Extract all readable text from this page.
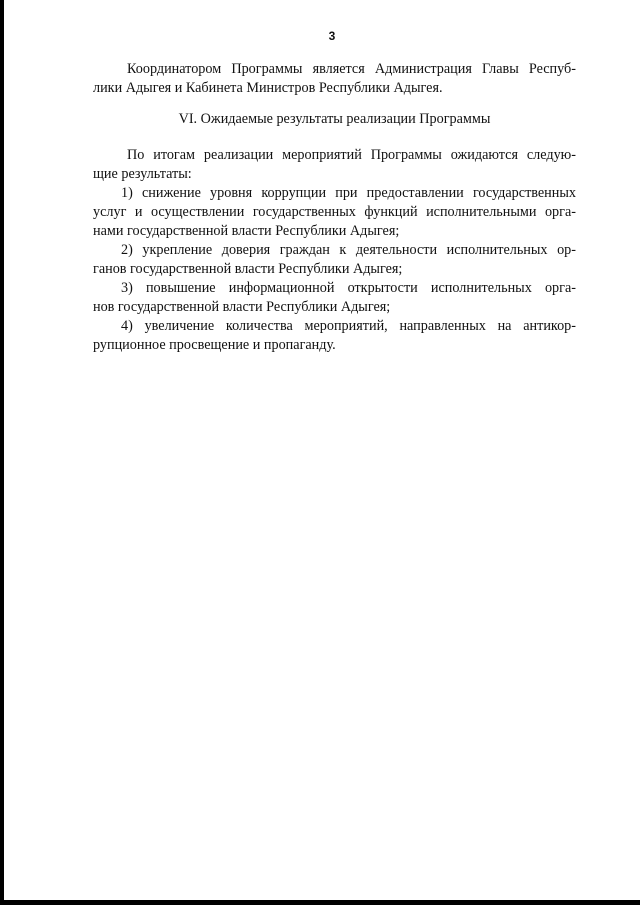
3
Координатором Программы является Администрация Главы Респуб-
лики Адыгея и Кабинета Министров Республики Адыгея.
VI. Ожидаемые результаты реализации Программы
По итогам реализации мероприятий Программы ожидаются следую-
щие результаты:
1) снижение уровня коррупции при предоставлении государственных
услуг и осуществлении государственных функций исполнительными орга-
нами государственной власти Республики Адыгея;
2) укрепление доверия граждан к деятельности исполнительных ор-
ганов государственной власти Республики Адыгея;
3) повышение информационной открытости исполнительных орга-
нов государственной власти Республики Адыгея;
4) увеличение количества мероприятий, направленных на антикор-
рупционное просвещение и пропаганду.
